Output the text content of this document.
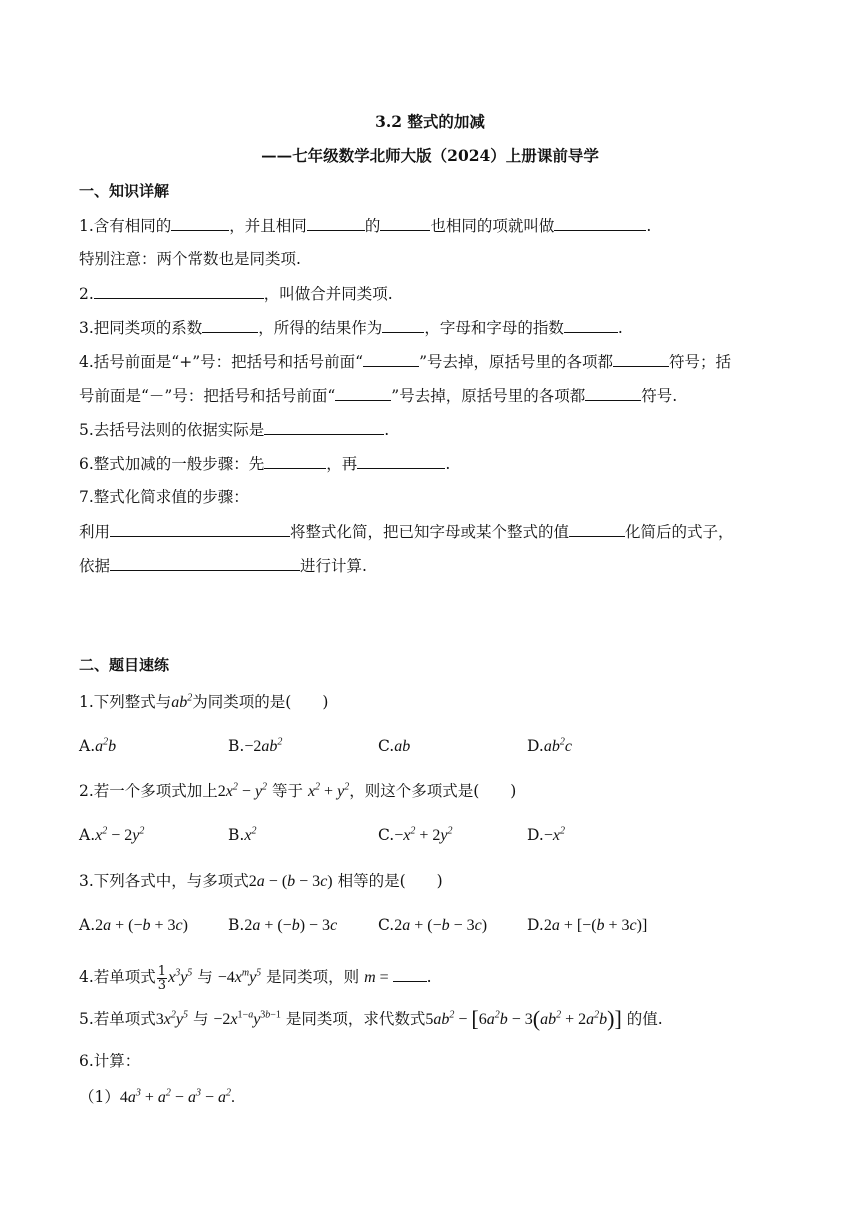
3.2 整式的加减
——七年级数学北师大版（2024）上册课前导学
一、知识详解
1.含有相同的	，并且相同	的	也相同的项就叫做	.
特别注意：两个常数也是同类项.
2.	，叫做合并同类项.
3.把同类项的系数	，所得的结果作为	，字母和字母的指数	.
4.括号前面是“+”号：把括号和括号前面“	”号去掉，原括号里的各项都	符号；括
号前面是“－”号：把括号和括号前面“	”号去掉，原括号里的各项都	符号.
5.去括号法则的依据实际是	.
6.整式加减的一般步骤：先	，再	.
7.整式化简求值的步骤：
利用	将整式化简，把已知字母或某个整式的值	化简后的式子，
依据	进行计算.
二、题目速练
1.下列整式与$ab^2$为同类项的是(　　)
$A.a^2b$	$B.-2ab^2$	C.ab	$D.ab^2c$
2.若一个多项式加上$2x^2 - y^2$ 等于 $x^2 + y^2$，则这个多项式是(　　)
$A.x^2 - 2y^2$	$B.x^2$	$C.-x^2 + 2y^2$	$D.-x^2$
3.下列各式中，与多项式2a − (b − 3c) 相等的是(　　)
A.2a + (−b + 3c)	B.2a + (−b) − 3c	C.2a + (−b − 3c)	D.2a + [−(b + 3c)]
4.若单项式 $\frac{1}{3} x^3y^5$ 与 $-4x^my^5$ 是同类项，则 m = .
5.若单项式$3x^2y^5$ 与 $-2x^{1-a}y^{3b-1}$ 是同类项，求代数式$5ab^2 - [6a^2b - 3(ab^2 + 2a^2b)]$ 的值.
6.计算：
$(1)4a^3 + a^2 - a^3 - a^2$.
